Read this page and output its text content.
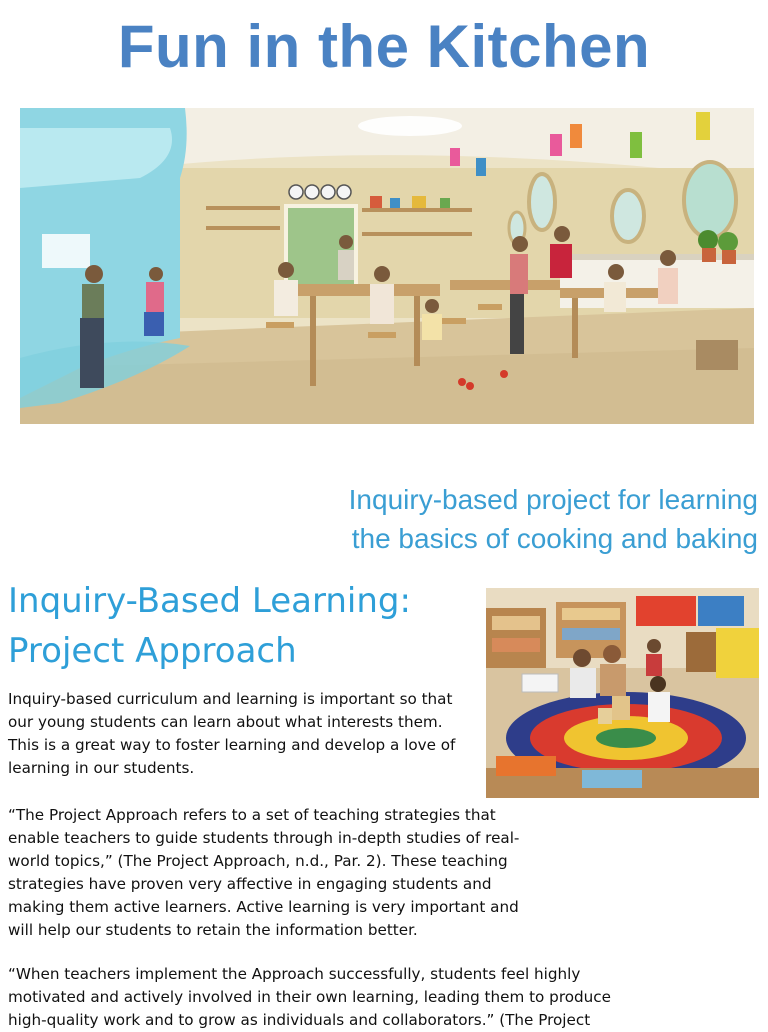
Fun in the Kitchen
Inquiry-based project for learning
the basics of cooking and baking
Inquiry-Based Learning: Project Approach

Inquiry-based curriculum and learning is important so that our young students can learn about what interests them. This is a great way to foster learning and develop a love of learning in our students.

“The Project Approach refers to a set of teaching strategies that enable teachers to guide students through in-depth studies of real-world topics,” (The Project Approach, n.d., Par. 2). These teaching strategies have proven very affective in engaging students and making them active learners. Active learning is very important and will help our students to retain the information better.

“When teachers implement the Approach successfully, students feel highly motivated and actively involved in their own learning, leading them to produce high-quality work and to grow as individuals and collaborators.” (The Project
